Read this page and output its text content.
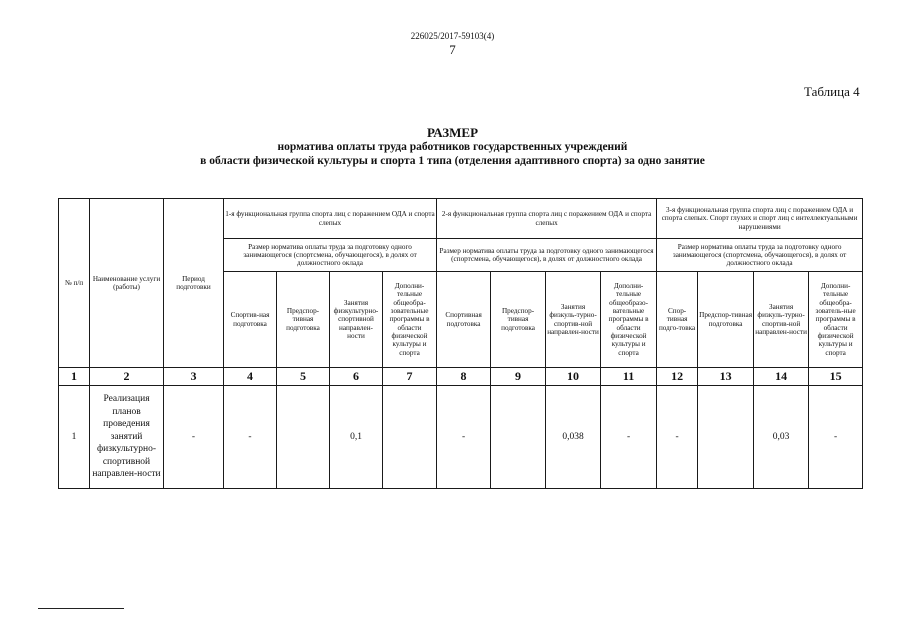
226025/2017-59103(4)
7
Таблица 4
РАЗМЕР
норматива оплаты труда работников государственных учреждений
в области физической культуры и спорта 1 типа (отделения адаптивного спорта) за одно занятие
№ п/п	Наименование услуги (работы)	Период подготовки	1-я функциональная группа спорта лиц с поражением ОДА и спорта слепых				2-я функциональная группа спорта лиц с поражением ОДА и спорта слепых				3-я функциональная группа спорта лиц с поражением ОДА и спорта слепых. Спорт глухих и спорт лиц с интеллектуальными нарушениями			
			Размер норматива оплаты труда за подготовку одного занимающегося (спортсмена, обучающегося), в долях от должностного оклада				Размер норматива оплаты труда за подготовку одного занимающегося (спортсмена, обучающегося), в долях от должностного оклада				Размер норматива оплаты труда за подготовку одного занимающегося (спортсмена, обучающегося), в долях от должностного оклада			
			Спортив-ная подготовка	Предспор-тивная подготовка	Занятия физкультурно-спортивной направлен-ности	Дополни-тельные общеобра-зовательные программы в области физической культуры и спорта	Спортивная подготовка	Предспор-тивная подготовка	Занятия физкуль-турно-спортив-ной направлен-ности	Дополни-тельные общеобразо-вательные программы в области физической культуры и спорта	Спор-тивная подго-товка	Предспор-тивная подготовка	Занятия физкуль-турно-спортив-ной направлен-ности	Дополни-тельные общеобра-зователь-ные программы в области физической культуры и спорта
1	2	3	4	5	6	7	8	9	10	11	12	13	14	15
1	Реализация планов проведения занятий физкультурно-спортивной направлен-ности	-	-		0,1		-		0,038	-	-		0,03	-
